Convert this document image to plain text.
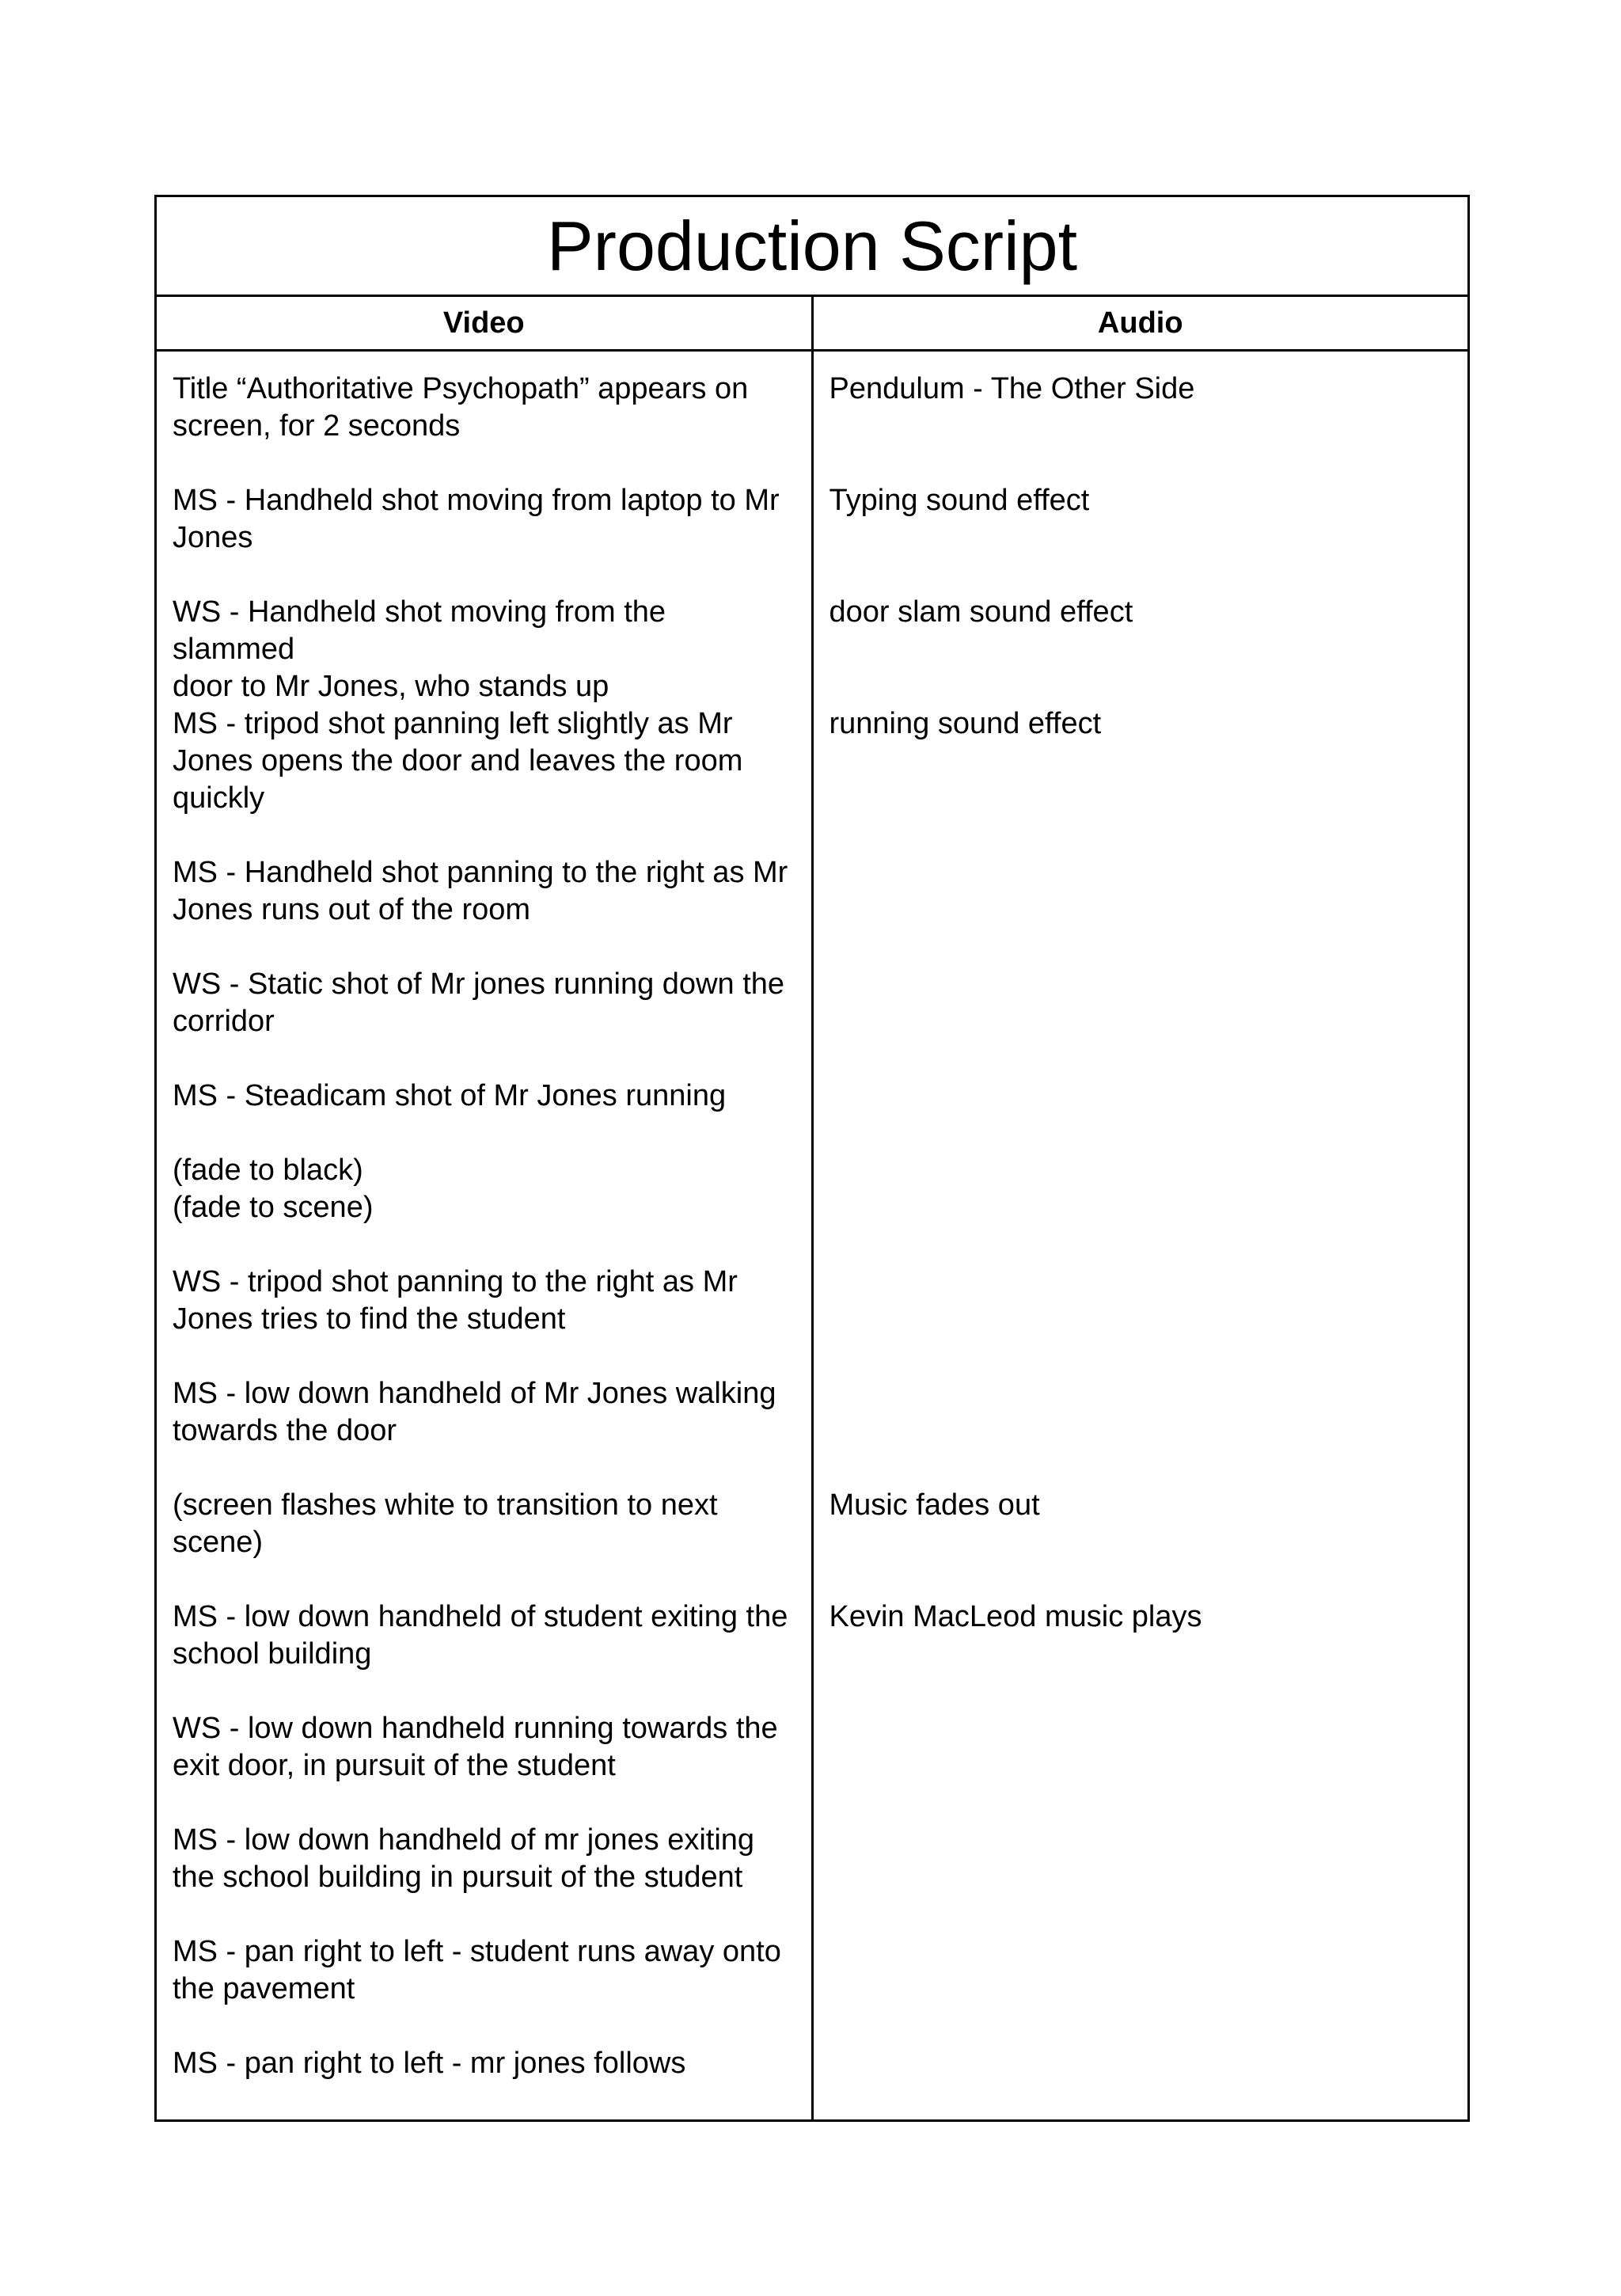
Production Script
Video	Audio

Title “Authoritative Psychopath” appears on
screen, for 2 seconds

MS - Handheld shot moving from laptop to Mr
Jones

WS - Handheld shot moving from the slammed
door to Mr Jones, who stands up

MS - tripod shot panning left slightly as Mr
Jones opens the door and leaves the room
quickly

MS - Handheld shot panning to the right as Mr
Jones runs out of the room

WS - Static shot of Mr jones running down the
corridor

MS - Steadicam shot of Mr Jones running

(fade to black)
(fade to scene)

WS - tripod shot panning to the right as Mr
Jones tries to find the student

MS - low down handheld of Mr Jones walking
towards the door

(screen flashes white to transition to next
scene)

MS - low down handheld of student exiting the
school building

WS - low down handheld running towards the
exit door, in pursuit of the student

MS - low down handheld of mr jones exiting
the school building in pursuit of the student

MS - pan right to left - student runs away onto
the pavement

MS - pan right to left - mr jones follows

Pendulum - The Other Side

Typing sound effect

door slam sound effect

running sound effect

Music fades out

Kevin MacLeod music plays
